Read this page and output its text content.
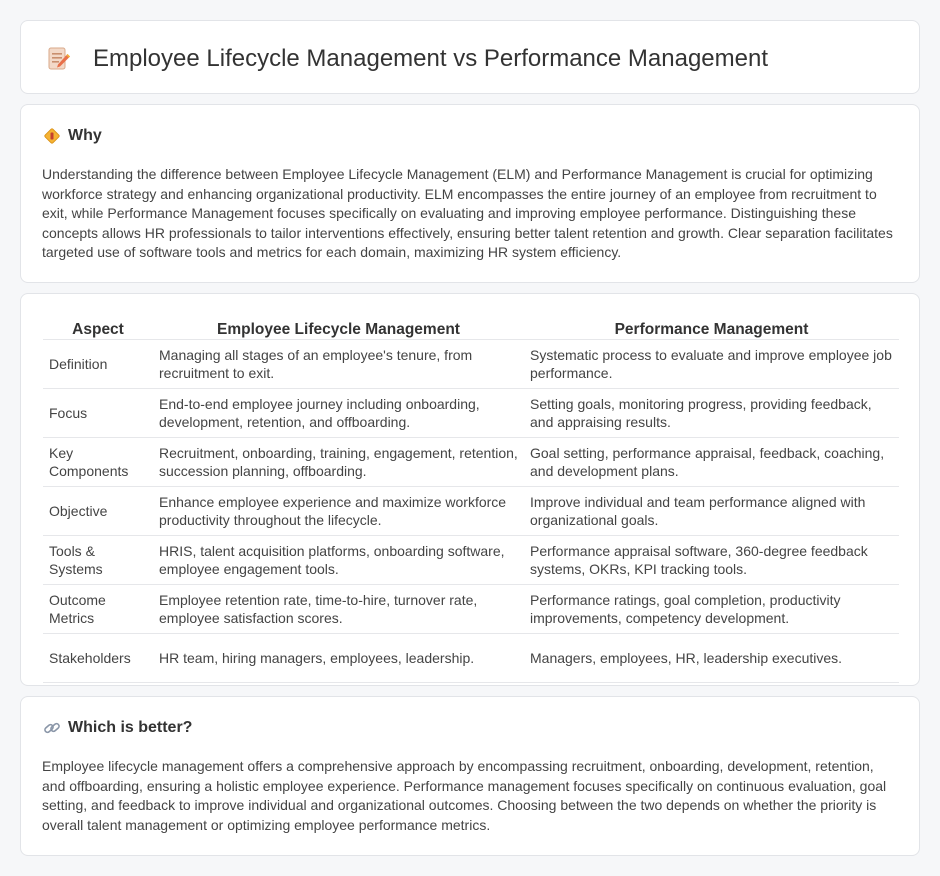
Employee Lifecycle Management vs Performance Management
Why

Understanding the difference between Employee Lifecycle Management (ELM) and Performance Management is crucial for optimizing workforce strategy and enhancing organizational productivity. ELM encompasses the entire journey of an employee from recruitment to exit, while Performance Management focuses specifically on evaluating and improving employee performance. Distinguishing these concepts allows HR professionals to tailor interventions effectively, ensuring better talent retention and growth. Clear separation facilitates targeted use of software tools and metrics for each domain, maximizing HR system efficiency.

Aspect	Employee Lifecycle Management	Performance Management
Definition	Managing all stages of an employee's tenure, from recruitment to exit.	Systematic process to evaluate and improve employee job performance.
Focus	End-to-end employee journey including onboarding, development, retention, and offboarding.	Setting goals, monitoring progress, providing feedback, and appraising results.
Key Components	Recruitment, onboarding, training, engagement, retention, succession planning, offboarding.	Goal setting, performance appraisal, feedback, coaching, and development plans.
Objective	Enhance employee experience and maximize workforce productivity throughout the lifecycle.	Improve individual and team performance aligned with organizational goals.
Tools & Systems	HRIS, talent acquisition platforms, onboarding software, employee engagement tools.	Performance appraisal software, 360-degree feedback systems, OKRs, KPI tracking tools.
Outcome Metrics	Employee retention rate, time-to-hire, turnover rate, employee satisfaction scores.	Performance ratings, goal completion, productivity improvements, competency development.
Stakeholders	HR team, hiring managers, employees, leadership.	Managers, employees, HR, leadership executives.
Which is better?

Employee lifecycle management offers a comprehensive approach by encompassing recruitment, onboarding, development, retention, and offboarding, ensuring a holistic employee experience. Performance management focuses specifically on continuous evaluation, goal setting, and feedback to improve individual and organizational outcomes. Choosing between the two depends on whether the priority is overall talent management or optimizing employee performance metrics.
